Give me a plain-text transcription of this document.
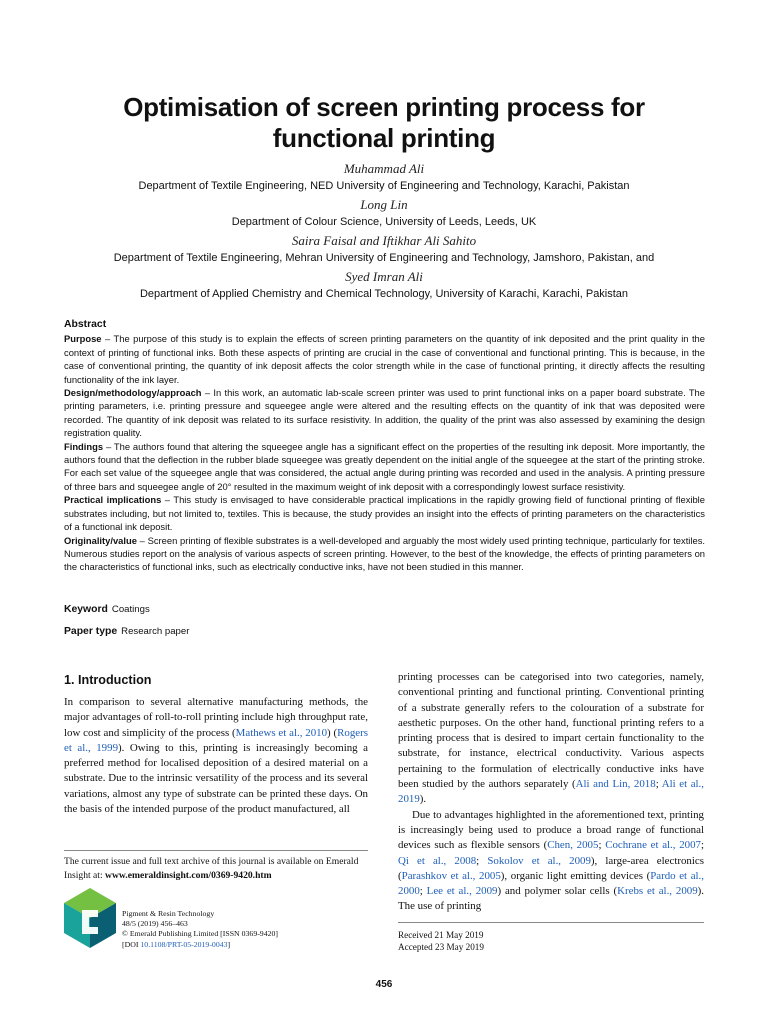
Optimisation of screen printing process for
functional printing
Muhammad Ali
Department of Textile Engineering, NED University of Engineering and Technology, Karachi, Pakistan
Long Lin
Department of Colour Science, University of Leeds, Leeds, UK
Saira Faisal and Iftikhar Ali Sahito
Department of Textile Engineering, Mehran University of Engineering and Technology, Jamshoro, Pakistan, and
Syed Imran Ali
Department of Applied Chemistry and Chemical Technology, University of Karachi, Karachi, Pakistan
Abstract

Purpose – The purpose of this study is to explain the effects of screen printing parameters on the quantity of ink deposited and the print quality in the context of printing of functional inks. Both these aspects of printing are crucial in the case of conventional and functional printing. This is because, in the case of conventional printing, the quantity of ink deposit affects the color strength while in the case of functional printing, it directly affects the resulting functionality of the ink layer.

Design/methodology/approach – In this work, an automatic lab-scale screen printer was used to print functional inks on a paper board substrate. The printing parameters, i.e. printing pressure and squeegee angle were altered and the resulting effects on the quantity of ink that was deposited were recorded. The quantity of ink deposit was related to its surface resistivity. In addition, the quality of the print was also assessed by examining the design registration quality.

Findings – The authors found that altering the squeegee angle has a significant effect on the properties of the resulting ink deposit. More importantly, the authors found that the deflection in the rubber blade squeegee was greatly dependent on the initial angle of the squeegee at the start of the printing stroke. For each set value of the squeegee angle that was considered, the actual angle during printing was recorded and used in the analysis. A printing pressure of three bars and squeegee angle of 20° resulted in the maximum weight of ink deposit with a correspondingly lowest surface resistivity.

Practical implications – This study is envisaged to have considerable practical implications in the rapidly growing field of functional printing of flexible substrates including, but not limited to, textiles. This is because, the study provides an insight into the effects of printing parameters on the characteristics of a functional ink deposit.

Originality/value – Screen printing of flexible substrates is a well-developed and arguably the most widely used printing technique, particularly for textiles. Numerous studies report on the analysis of various aspects of screen printing. However, to the best of the knowledge, the effects of printing parameters on the characteristics of functional inks, such as electrically conductive inks, have not been studied in this manner.

Keyword Coatings
Paper type Research paper
1. Introduction

In comparison to several alternative manufacturing methods, the major advantages of roll-to-roll printing include high throughput rate, low cost and simplicity of the process (Mathews et al., 2010) (Rogers et al., 1999). Owing to this, printing is increasingly becoming a preferred method for localised deposition of a desired material on a substrate. Due to the intrinsic versatility of the process and its several variations, almost any type of substrate can be printed these days. On the basis of the intended purpose of the product manufactured, all

The current issue and full text archive of this journal is available on Emerald Insight at: www.emeraldinsight.com/0369-9420.htm
Pigment & Resin Technology
48/5 (2019) 456–463
© Emerald Publishing Limited [ISSN 0369-9420]
[DOI 10.1108/PRT-05-2019-0043]

printing processes can be categorised into two categories, namely, conventional printing and functional printing. Conventional printing of a substrate generally refers to the colouration of a substrate for aesthetic purposes. On the other hand, functional printing refers to a printing process that is desired to impart certain functionality to the substrate, for instance, electrical conductivity. Various aspects pertaining to the formulation of electrically conductive inks have been studied by the authors separately (Ali and Lin, 2018; Ali et al., 2019).

Due to advantages highlighted in the aforementioned text, printing is increasingly being used to produce a broad range of functional devices such as flexible sensors (Chen, 2005; Cochrane et al., 2007; Qi et al., 2008; Sokolov et al., 2009), large-area electronics (Parashkov et al., 2005), organic light emitting devices (Pardo et al., 2000; Lee et al., 2009) and polymer solar cells (Krebs et al., 2009). The use of printing

Received 21 May 2019
Accepted 23 May 2019
456
